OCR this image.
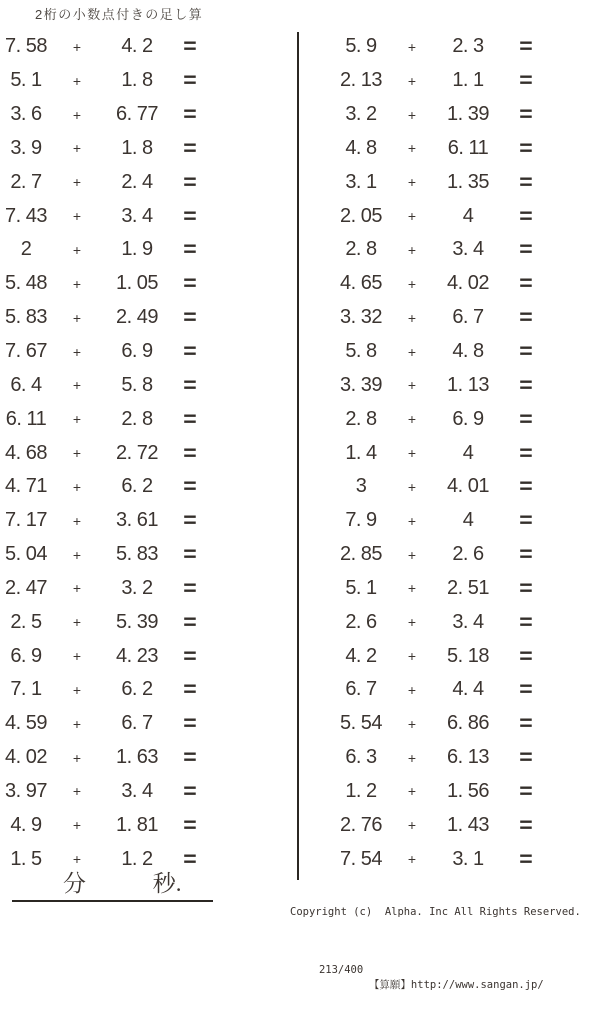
2桁の小数点付きの足し算
7. 58	+	4. 2	=
5. 1	+	1. 8	=
3. 6	+	6. 77	=
3. 9	+	1. 8	=
2. 7	+	2. 4	=
7. 43	+	3. 4	=
2	+	1. 9	=
5. 48	+	1. 05	=
5. 83	+	2. 49	=
7. 67	+	6. 9	=
6. 4	+	5. 8	=
6. 11	+	2. 8	=
4. 68	+	2. 72	=
4. 71	+	6. 2	=
7. 17	+	3. 61	=
5. 04	+	5. 83	=
2. 47	+	3. 2	=
2. 5	+	5. 39	=
6. 9	+	4. 23	=
7. 1	+	6. 2	=
4. 59	+	6. 7	=
4. 02	+	1. 63	=
3. 97	+	3. 4	=
4. 9	+	1. 81	=
1. 5	+	1. 2	=
5. 9	+	2. 3	=
2. 13	+	1. 1	=
3. 2	+	1. 39	=
4. 8	+	6. 11	=
3. 1	+	1. 35	=
2. 05	+	4	=
2. 8	+	3. 4	=
4. 65	+	4. 02	=
3. 32	+	6. 7	=
5. 8	+	4. 8	=
3. 39	+	1. 13	=
2. 8	+	6. 9	=
1. 4	+	4	=
3	+	4. 01	=
7. 9	+	4	=
2. 85	+	2. 6	=
5. 1	+	2. 51	=
2. 6	+	3. 4	=
4. 2	+	5. 18	=
6. 7	+	4. 4	=
5. 54	+	6. 86	=
6. 3	+	6. 13	=
1. 2	+	1. 56	=
2. 76	+	1. 43	=
7. 54	+	3. 1	=
分	秒.

Copyright (c)  Alpha. Inc All Rights Reserved.

213/400
【算願】http://www.sangan.jp/
